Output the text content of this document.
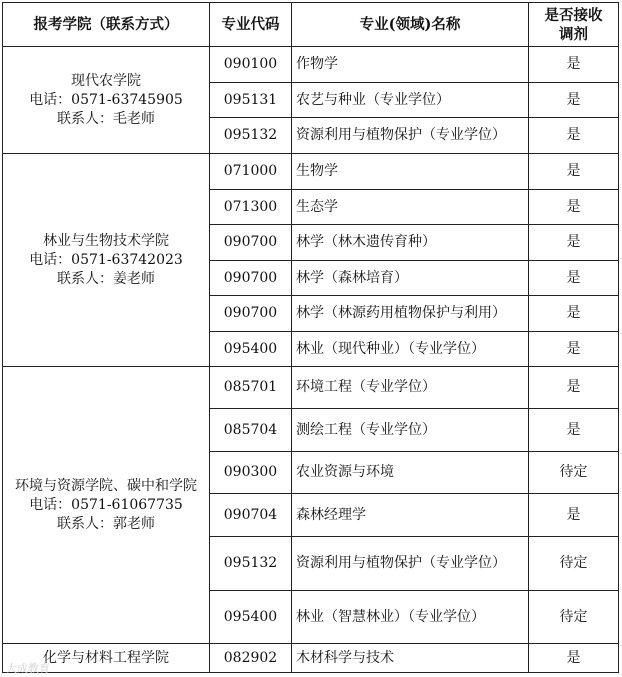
报考学院（联系方式）	专业代码	专业(领域)名称	是否接收
调剂

现代农学院
电话：0571-63745905
联系人：毛老师	090100	作物学	是
	095131	农艺与种业（专业学位）	是
	095132	资源利用与植物保护（专业学位）	是

林业与生物技术学院
电话：0571-63742023
联系人：姜老师	071000	生物学	是
	071300	生态学	是
	090700	林学（林木遗传育种）	是
	090700	林学（森林培育）	是
	090700	林学（林源药用植物保护与利用）	是
	095400	林业（现代种业）（专业学位）	是

环境与资源学院、碳中和学院
电话：0571-61067735
联系人：郭老师	085701	环境工程（专业学位）	是
	085704	测绘工程（专业学位）	是
	090300	农业资源与环境	待定
	090704	森林经理学	是
	095132	资源利用与植物保护（专业学位）	待定
	095400	林业（智慧林业）（专业学位）	待定

化学与材料工程学院	082902	木材科学与技术	是
大成教育
